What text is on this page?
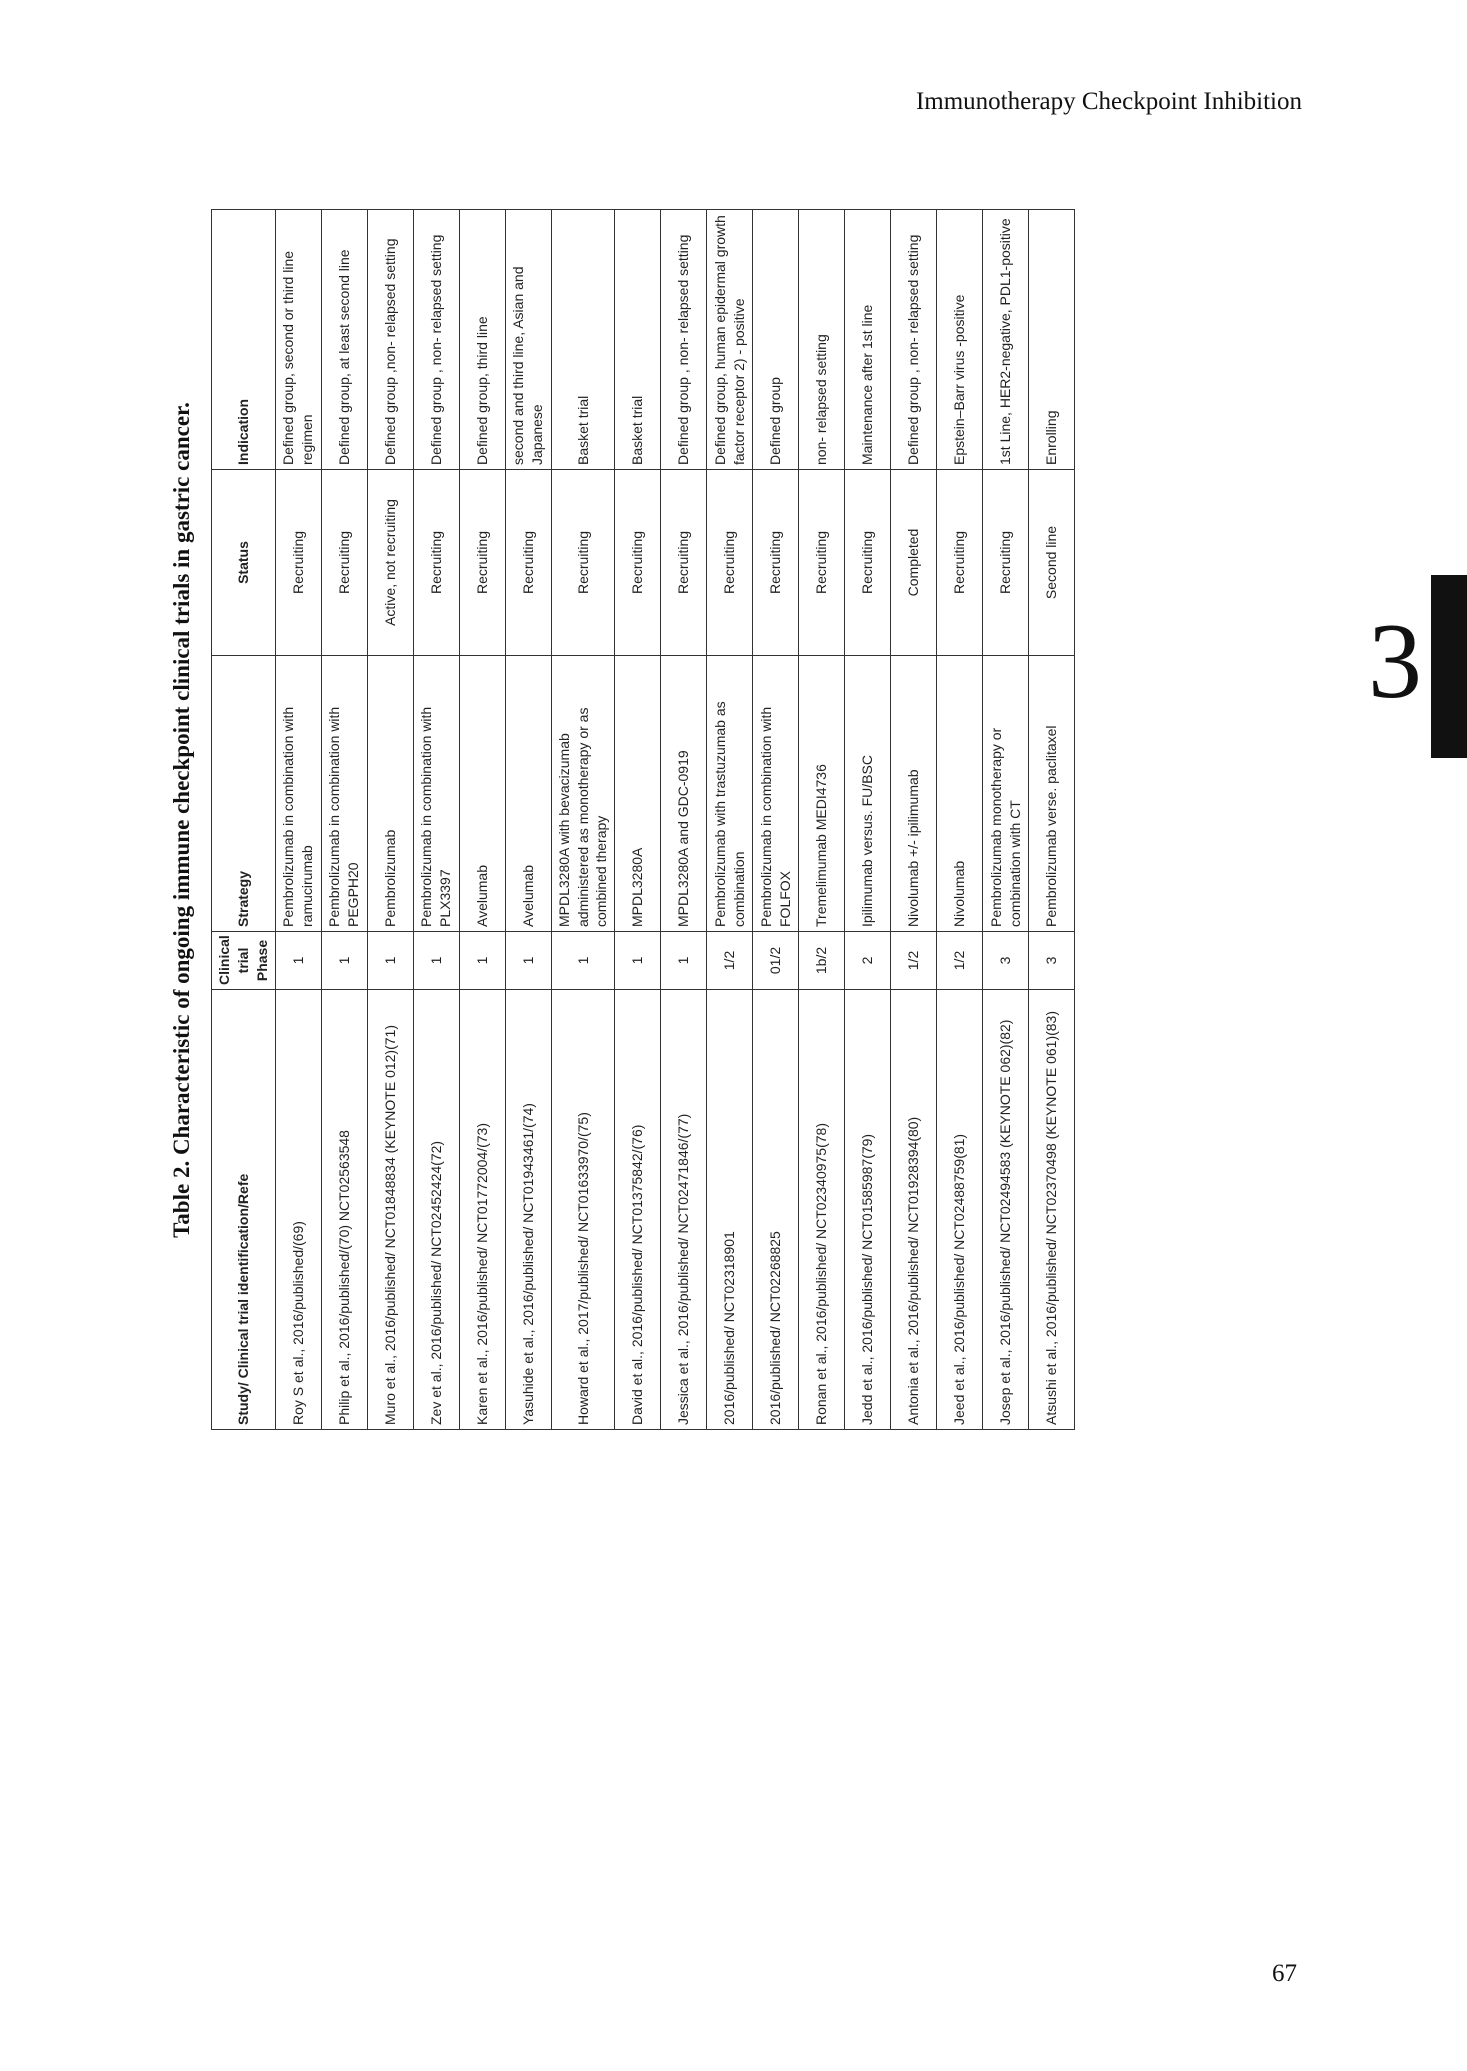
Immunotherapy Checkpoint Inhibition
3
Table 2. Characteristic of ongoing immune checkpoint clinical trials in gastric cancer.
Study/ Clinical trial identification/Refe	Clinical trial Phase	Strategy	Status	Indication
Roy S et al., 2016/published/(69)	1	Pembrolizumab in combination with ramucirumab	Recruiting	Defined group, second or third line regimen
Philip et al., 2016/published/(70) NCT02563548	1	Pembrolizumab in combination with PEGPH20	Recruiting	Defined group, at least second line
Muro et al., 2016/published/ NCT01848834 (KEYNOTE 012)(71)	1	Pembrolizumab	Active, not recruiting	Defined group ,non- relapsed setting
Zev et al., 2016/published/ NCT02452424(72)	1	Pembrolizumab in combination with PLX3397	Recruiting	Defined group , non- relapsed setting
Karen et al., 2016/published/ NCT01772004/(73)	1	Avelumab	Recruiting	Defined group, third line
Yasuhide et al., 2016/published/ NCT01943461/(74)	1	Avelumab	Recruiting	second and third line, Asian and Japanese
Howard et al., 2017/published/ NCT01633970/(75)	1	MPDL3280A with bevacizumab administered as monotherapy or as combined therapy	Recruiting	Basket trial
David et al., 2016/published/ NCT01375842/(76)	1	MPDL3280A	Recruiting	Basket trial
Jessica et al., 2016/published/ NCT02471846/(77)	1	MPDL3280A and GDC-0919	Recruiting	Defined group , non- relapsed setting
2016/published/ NCT02318901	1/2	Pembrolizumab with trastuzumab as combination	Recruiting	Defined group, human epidermal growth factor receptor 2) - positive
2016/published/ NCT02268825	01/2	Pembrolizumab in combination with FOLFOX	Recruiting	Defined group
Ronan et al., 2016/published/ NCT02340975(78)	1b/2	Tremelimumab MEDI4736	Recruiting	non- relapsed setting
Jedd et al., 2016/published/ NCT01585987(79)	2	Ipilimumab versus. FU/BSC	Recruiting	Maintenance after 1st line
Antonia et al., 2016/published/ NCT01928394(80)	1/2	Nivolumab +/- ipilimumab	Completed	Defined group , non- relapsed setting
Jeed et al., 2016/published/ NCT02488759(81)	1/2	Nivolumab	Recruiting	Epstein–Barr virus -positive
Josep et al., 2016/published/ NCT02494583 (KEYNOTE 062)(82)	3	Pembrolizumab monotherapy or combination with CT	Recruiting	1st Line, HER2-negative, PDL1-positive
Atsushi et al., 2016/published/ NCT02370498 (KEYNOTE 061)(83)	3	Pembrolizumab verse. paclitaxel	Second line	Enrolling
67
